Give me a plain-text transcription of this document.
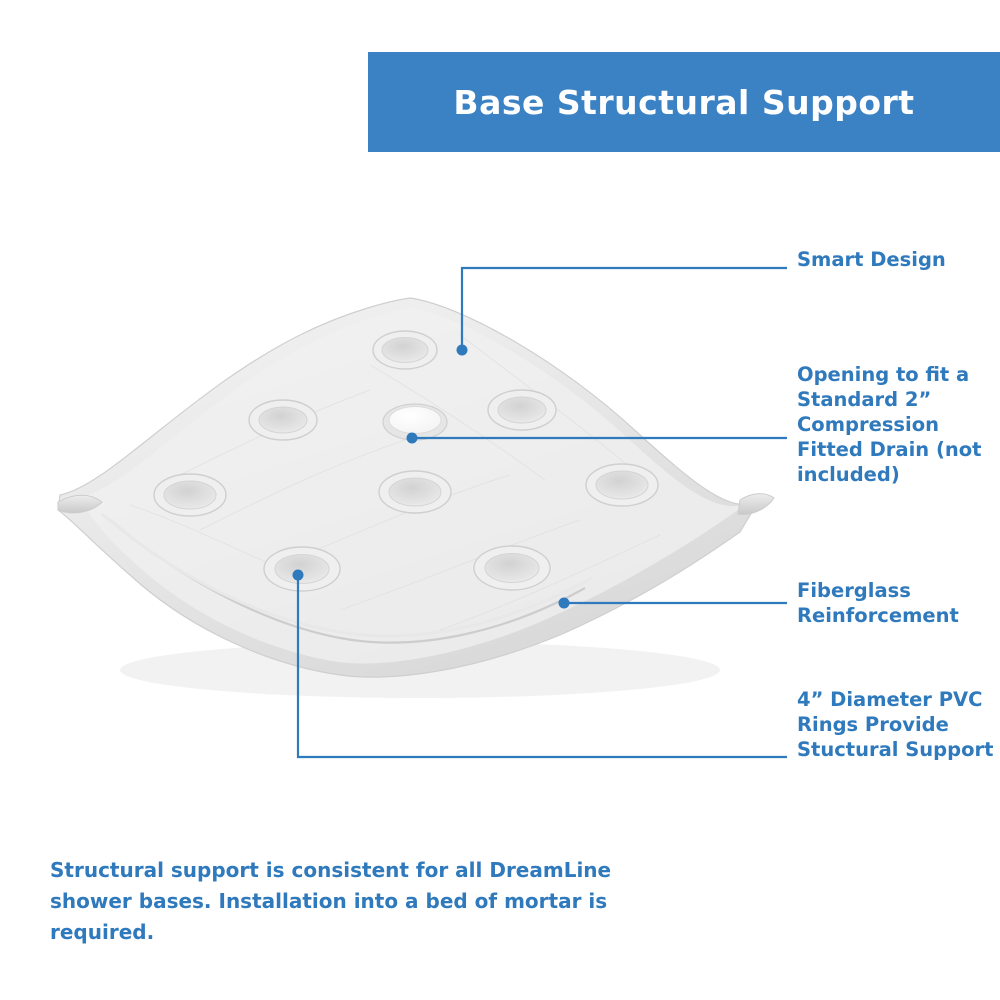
Base Structural Support
Smart Design
Opening to fit a Standard 2” Compression Fitted Drain (not included)
Fiberglass Reinforcement
4” Diameter PVC Rings Provide Stuctural Support
Structural support is consistent for all DreamLine shower bases. Installation into a bed of mortar is required.
